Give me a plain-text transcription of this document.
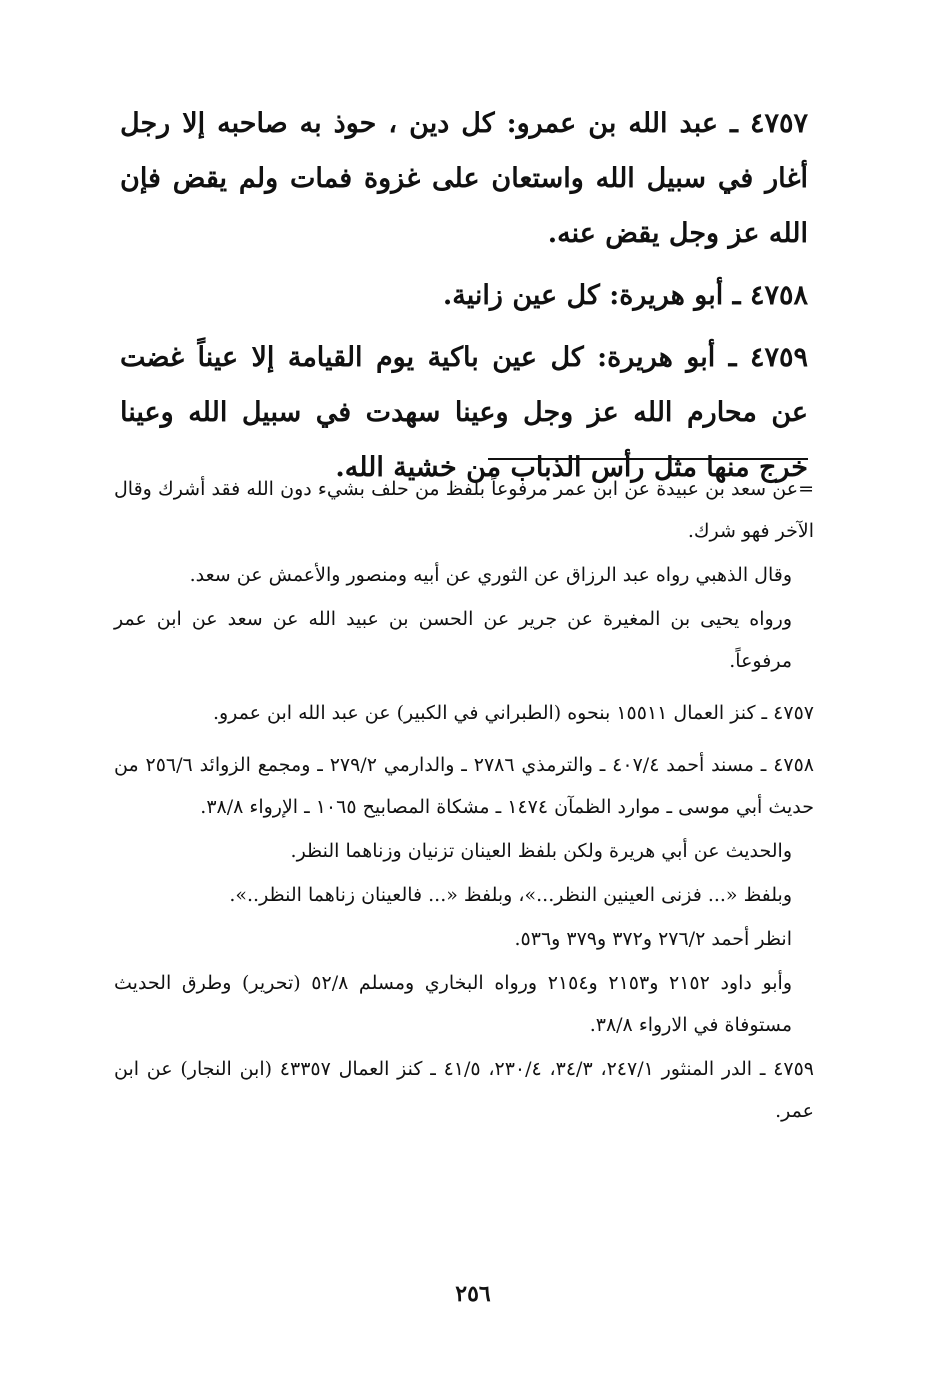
٤٧٥٧ ـ عبد الله بن عمرو: كل دين ، حوذ به صاحبه إلا رجل أغار في سبيل الله واستعان على غزوة فمات ولم يقض فإن الله عز وجل يقض عنه.

٤٧٥٨ ـ أبو هريرة: كل عين زانية.

٤٧٥٩ ـ أبو هريرة: كل عين باكية يوم القيامة إلا عيناً غضت عن محارم الله عز وجل وعينا سهدت في سبيل الله وعينا خرج منها مثل رأس الذباب من خشية الله.

=عن سعد بن عبيدة عن ابن عمر مرفوعاً بلفظ من حلف بشيء دون الله فقد أشرك وقال الآخر فهو شرك.

وقال الذهبي رواه عبد الرزاق عن الثوري عن أبيه ومنصور والأعمش عن سعد.

ورواه يحيى بن المغيرة عن جرير عن الحسن بن عبيد الله عن سعد عن ابن عمر مرفوعاً.

٤٧٥٧ ـ كنز العمال ١٥٥١١ بنحوه (الطبراني في الكبير) عن عبد الله ابن عمرو.

٤٧٥٨ ـ مسند أحمد ٤٠٧/٤ ـ والترمذي ٢٧٨٦ ـ والدارمي ٢٧٩/٢ ـ ومجمع الزوائد ٢٥٦/٦ من حديث أبي موسى ـ موارد الظمآن ١٤٧٤ ـ مشكاة المصابيح ١٠٦٥ ـ الإرواء ٣٨/٨.

والحديث عن أبي هريرة ولكن بلفظ العينان تزنيان وزناهما النظر.

وبلفظ «... فزنى العينين النظر...»، وبلفظ «... فالعينان زناهما النظر..».

انظر أحمد ٢٧٦/٢ و٣٧٢ و٣٧٩ و٥٣٦.

وأبو داود ٢١٥٢ و٢١٥٣ و٢١٥٤ ورواه البخاري ومسلم ٥٢/٨ (تحرير) وطرق الحديث مستوفاة في الارواء ٣٨/٨.

٤٧٥٩ ـ الدر المنثور ٢٤٧/١، ٣٤/٣، ٢٣٠/٤، ٤١/٥ ـ كنز العمال ٤٣٣٥٧ (ابن النجار) عن ابن عمر.

٢٥٦
